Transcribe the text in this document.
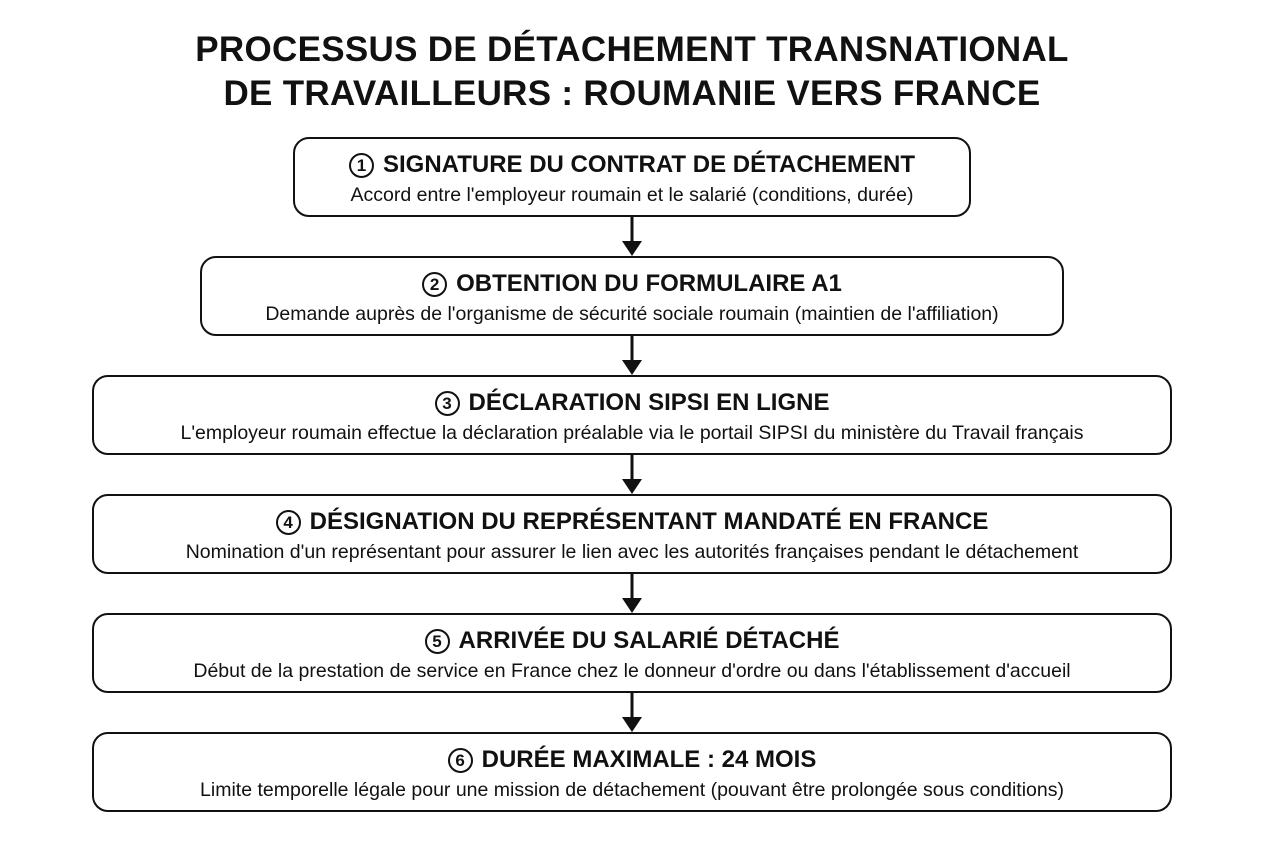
PROCESSUS DE DÉTACHEMENT TRANSNATIONAL
DE TRAVAILLEURS : ROUMANIE VERS FRANCE
1 SIGNATURE DU CONTRAT DE DÉTACHEMENT
Accord entre l'employeur roumain et le salarié (conditions, durée)
2 OBTENTION DU FORMULAIRE A1
Demande auprès de l'organisme de sécurité sociale roumain (maintien de l'affiliation)
3 DÉCLARATION SIPSI EN LIGNE
L'employeur roumain effectue la déclaration préalable via le portail SIPSI du ministère du Travail français
4 DÉSIGNATION DU REPRÉSENTANT MANDATÉ EN FRANCE
Nomination d'un représentant pour assurer le lien avec les autorités françaises pendant le détachement
5 ARRIVÉE DU SALARIÉ DÉTACHÉ
Début de la prestation de service en France chez le donneur d'ordre ou dans l'établissement d'accueil
6 DURÉE MAXIMALE : 24 MOIS
Limite temporelle légale pour une mission de détachement (pouvant être prolongée sous conditions)
